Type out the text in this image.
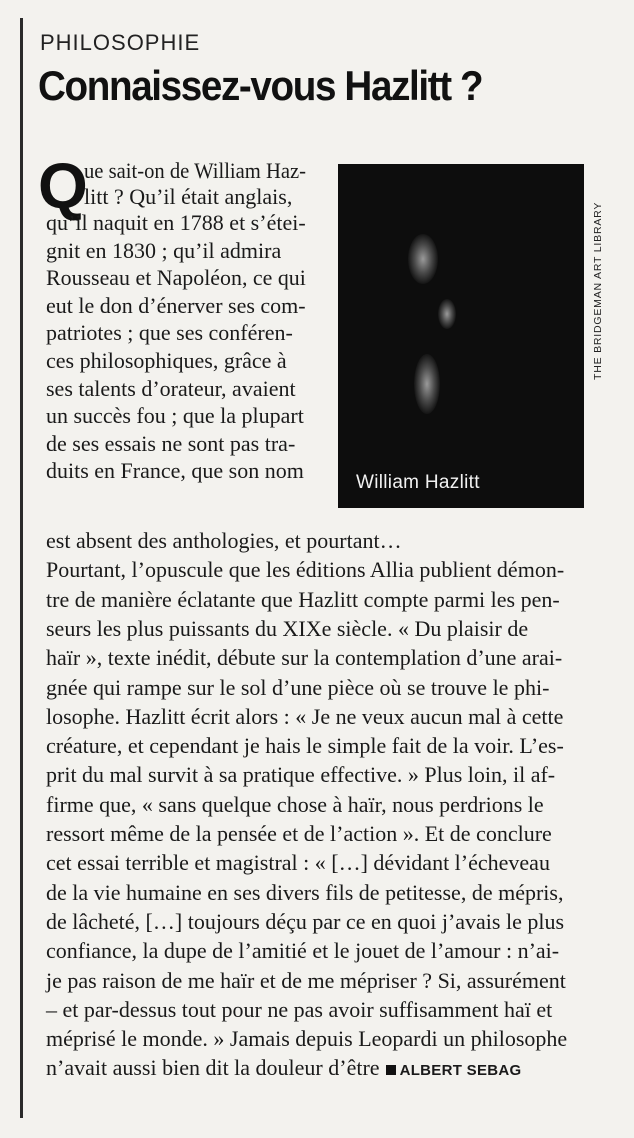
PHILOSOPHIE
Connaissez-vous Hazlitt ?
William Hazlitt
THE BRIDGEMAN ART LIBRARY
Q
ue sait-on de William Haz-
litt ? Qu’il était anglais,
qu’il naquit en 1788 et s’étei-
gnit en 1830 ; qu’il admira
Rousseau et Napoléon, ce qui
eut le don d’énerver ses com-
patriotes ; que ses conféren-
ces philosophiques, grâce à
ses talents d’orateur, avaient
un succès fou ; que la plupart
de ses essais ne sont pas tra-
duits en France, que son nom
est absent des anthologies, et pourtant…
Pourtant, l’opuscule que les éditions Allia publient démon-
tre de manière éclatante que Hazlitt compte parmi les pen-
seurs les plus puissants du XIXe siècle. « Du plaisir de
haïr », texte inédit, débute sur la contemplation d’une arai-
gnée qui rampe sur le sol d’une pièce où se trouve le phi-
losophe. Hazlitt écrit alors : « Je ne veux aucun mal à cette
créature, et cependant je hais le simple fait de la voir. L’es-
prit du mal survit à sa pratique effective. » Plus loin, il af-
firme que, « sans quelque chose à haïr, nous perdrions le
ressort même de la pensée et de l’action ». Et de conclure
cet essai terrible et magistral : « […] dévidant l’écheveau
de la vie humaine en ses divers fils de petitesse, de mépris,
de lâcheté, […] toujours déçu par ce en quoi j’avais le plus
confiance, la dupe de l’amitié et le jouet de l’amour : n’ai-
je pas raison de me haïr et de me mépriser ? Si, assurément
– et par-dessus tout pour ne pas avoir suffisamment haï et
méprisé le monde. » Jamais depuis Leopardi un philosophe
n’avait aussi bien dit la douleur d’être ALBERT SEBAG
